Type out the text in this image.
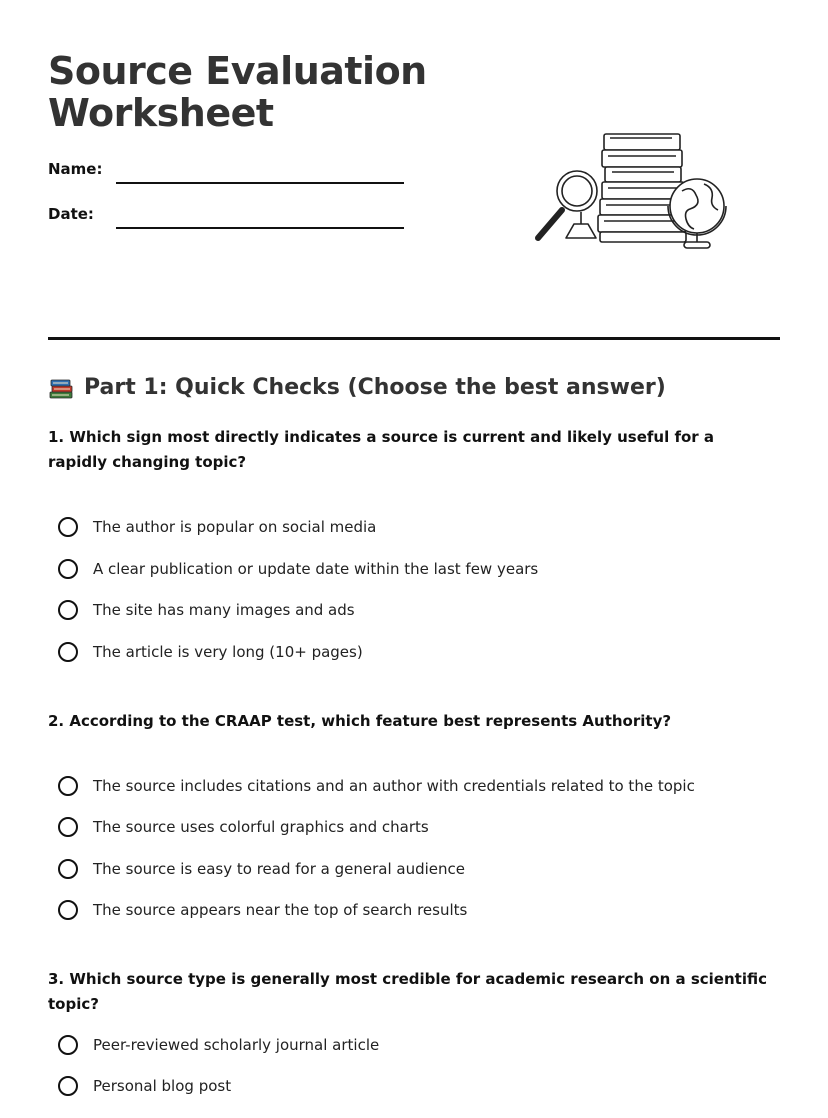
Source Evaluation
Worksheet
Name:
Date:
Part 1: Quick Checks (Choose the best answer)

1. Which sign most directly indicates a source is current and likely useful for a rapidly changing topic?

The author is popular on social media
A clear publication or update date within the last few years
The site has many images and ads
The article is very long (10+ pages)

2. According to the CRAAP test, which feature best represents Authority?

The source includes citations and an author with credentials related to the topic
The source uses colorful graphics and charts
The source is easy to read for a general audience
The source appears near the top of search results

3. Which source type is generally most credible for academic research on a scientific topic?

Peer-reviewed scholarly journal article
Personal blog post
